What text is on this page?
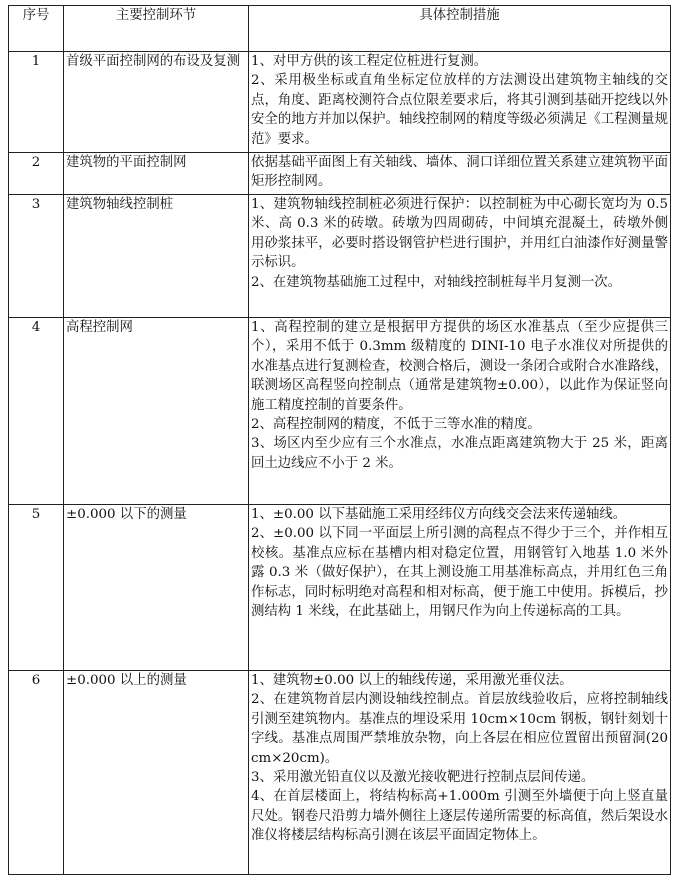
序号	主要控制环节	具体控制措施
1	首级平面控制网的布设及复测	1、对甲方供的该工程定位桩进行复测。
2、采用极坐标或直角坐标定位放样的方法测设出建筑物主轴线的交点，角度、距离校测符合点位限差要求后，将其引测到基础开挖线以外安全的地方并加以保护。轴线控制网的精度等级必须满足《工程测量规范》要求。

2	建筑物的平面控制网	依据基础平面图上有关轴线、墙体、洞口详细位置关系建立建筑物平面矩形控制网。

3	建筑物轴线控制桩	1、建筑物轴线控制桩必须进行保护：以控制桩为中心砌长宽均为 0.5 米、高 0.3 米的砖墩。砖墩为四周砌砖，中间填充混凝土，砖墩外侧用砂浆抹平，必要时搭设钢管护栏进行围护，并用红白油漆作好测量警示标识。
2、在建筑物基础施工过程中，对轴线控制桩每半月复测一次。

4	高程控制网	1、高程控制的建立是根据甲方提供的场区水准基点（至少应提供三个），采用不低于 0.3mm 级精度的 DINI-10 电子水准仪对所提供的水准基点进行复测检查，校测合格后，测设一条闭合或附合水准路线，联测场区高程竖向控制点（通常是建筑物±0.00），以此作为保证竖向施工精度控制的首要条件。
2、高程控制网的精度，不低于三等水准的精度。
3、场区内至少应有三个水准点，水准点距离建筑物大于 25 米，距离回土边线应不小于 2 米。

5	±0.000 以下的测量	1、±0.00 以下基础施工采用经纬仪方向线交会法来传递轴线。
2、±0.00 以下同一平面层上所引测的高程点不得少于三个，并作相互校核。基准点应标在基槽内相对稳定位置，用钢管钉入地基 1.0 米外露 0.3 米（做好保护），在其上测设施工用基准标高点，并用红色三角作标志，同时标明绝对高程和相对标高，便于施工中使用。拆模后，抄测结构 1 米线，在此基础上，用钢尺作为向上传递标高的工具。

6	±0.000 以上的测量	1、建筑物±0.00 以上的轴线传递，采用激光垂仪法。
2、在建筑物首层内测设轴线控制点。首层放线验收后，应将控制轴线引测至建筑物内。基准点的埋设采用 10cm×10cm 钢板，钢针刻划十字线。基准点周围严禁堆放杂物，向上各层在相应位置留出预留洞(20cm×20cm)。
3、采用激光铅直仪以及激光接收靶进行控制点层间传递。
4、在首层楼面上，将结构标高+1.000m 引测至外墙便于向上竖直量尺处。钢卷尺沿剪力墙外侧往上逐层传递所需要的标高值，然后架设水准仪将楼层结构标高引测在该层平面固定物体上。
